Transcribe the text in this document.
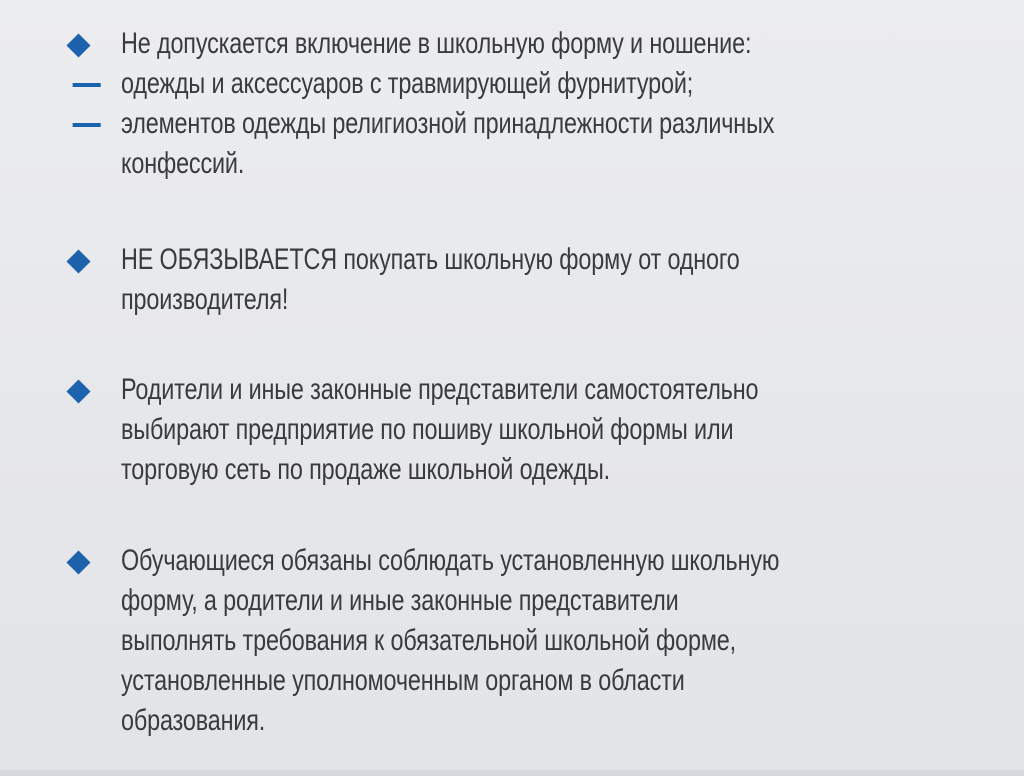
Не допускается включение в школьную форму и ношение:
одежды и аксессуаров с травмирующей фурнитурой;
элементов одежды религиозной принадлежности различных
конфессий.
НЕ ОБЯЗЫВАЕТСЯ покупать школьную форму от одного
производителя!
Родители и иные законные представители самостоятельно
выбирают предприятие по пошиву школьной формы или
торговую сеть по продаже школьной одежды.
Обучающиеся обязаны соблюдать установленную школьную
форму, а родители и иные законные представители
выполнять требования к обязательной школьной форме,
установленные уполномоченным органом в области
образования.
